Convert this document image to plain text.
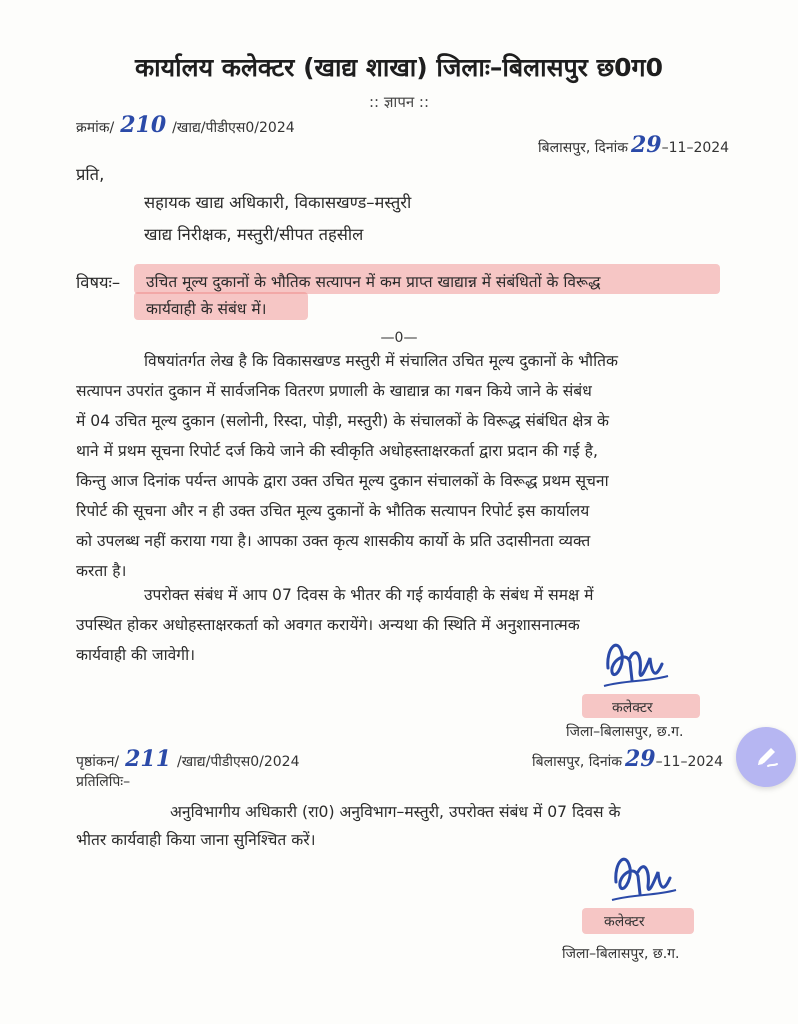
कार्यालय कलेक्टर (खाद्य शाखा) जिलाः–बिलासपुर छ0ग0
:: ज्ञापन ::
क्रमांक/ 210 /खाद्य/पीडीएस0/2024
बिलासपुर, दिनांक 29–11–2024
प्रति,
सहायक खाद्य अधिकारी, विकासखण्ड–मस्तुरी
खाद्य निरीक्षक, मस्तुरी/सीपत तहसील
विषयः– उचित मूल्य दुकानों के भौतिक सत्यापन में कम प्राप्त खाद्यान्न में संबंधितों के विरूद्ध
कार्यवाही के संबंध में।
—0—
विषयांतर्गत लेख है कि विकासखण्ड मस्तुरी में संचालित उचित मूल्य दुकानों के भौतिक
सत्यापन उपरांत दुकान में सार्वजनिक वितरण प्रणाली के खाद्यान्न का गबन किये जाने के संबंध
में 04 उचित मूल्य दुकान (सलोनी, रिस्दा, पोड़ी, मस्तुरी) के संचालकों के विरूद्ध संबंधित क्षेत्र के
थाने में प्रथम सूचना रिपोर्ट दर्ज किये जाने की स्वीकृति अधोहस्ताक्षरकर्ता द्वारा प्रदान की गई है,
किन्तु आज दिनांक पर्यन्त आपके द्वारा उक्त उचित मूल्य दुकान संचालकों के विरूद्ध प्रथम सूचना
रिपोर्ट की सूचना और न ही उक्त उचित मूल्य दुकानों के भौतिक सत्यापन रिपोर्ट इस कार्यालय
को उपलब्ध नहीं कराया गया है। आपका उक्त कृत्य शासकीय कार्यो के प्रति उदासीनता व्यक्त
करता है।
उपरोक्त संबंध में आप 07 दिवस के भीतर की गई कार्यवाही के संबंध में समक्ष में
उपस्थित होकर अधोहस्ताक्षरकर्ता को अवगत करायेंगे। अन्यथा की स्थिति में अनुशासनात्मक
कार्यवाही की जावेगी।
कलेक्टर
जिला–बिलासपुर, छ.ग.
पृष्ठांकन/ 211 /खाद्य/पीडीएस0/2024	बिलासपुर, दिनांक 29–11–2024
प्रतिलिपिः–
अनुविभागीय अधिकारी (रा0) अनुविभाग–मस्तुरी, उपरोक्त संबंध में 07 दिवस के
भीतर कार्यवाही किया जाना सुनिश्चित करें।
कलेक्टर
जिला–बिलासपुर, छ.ग.
